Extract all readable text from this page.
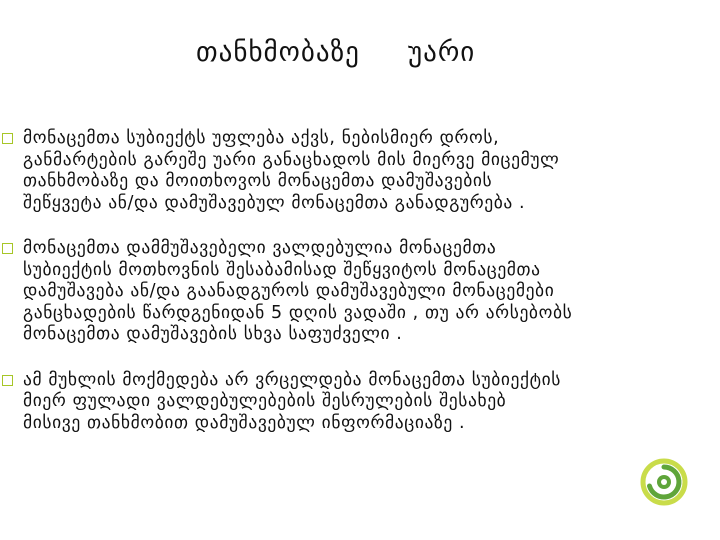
თანხმობაზე უარი
მონაცემთა სუბიექტს უფლება აქვს, ნებისმიერ დროს,
განმარტების გარეშე უარი განაცხადოს მის მიერვე მიცემულ
თანხმობაზე და მოითხოვოს მონაცემთა დამუშავების
შეწყვეტა ან/და დამუშავებულ მონაცემთა განადგურება .
მონაცემთა დამმუშავებელი ვალდებულია მონაცემთა
სუბიექტის მოთხოვნის შესაბამისად შეწყვიტოს მონაცემთა
დამუშავება ან/და გაანადგუროს დამუშავებული მონაცემები
განცხადების წარდგენიდან 5 დღის ვადაში , თუ არ არსებობს
მონაცემთა დამუშავების სხვა საფუძველი .
ამ მუხლის მოქმედება არ ვრცელდება მონაცემთა სუბიექტის
მიერ ფულადი ვალდებულებების შესრულების შესახებ
მისივე თანხმობით დამუშავებულ ინფორმაციაზე .
